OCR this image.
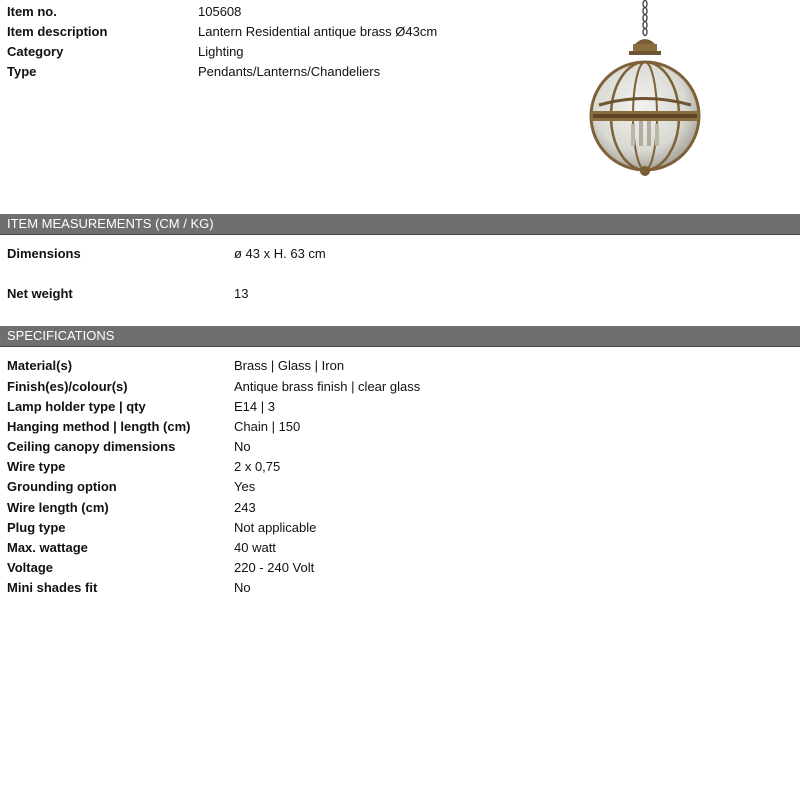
Item no.	105608
Item description	Lantern Residential antique brass Ø43cm
Category	Lighting
Type	Pendants/Lanterns/Chandeliers
ITEM MEASUREMENTS (CM / KG)
Dimensions	ø 43 x H. 63 cm
Net weight	13
SPECIFICATIONS
Material(s)	Brass | Glass | Iron
Finish(es)/colour(s)	Antique brass finish | clear glass
Lamp holder type | qty	E14 | 3
Hanging method | length (cm)	Chain | 150
Ceiling canopy dimensions	No
Wire type	2 x 0,75
Grounding option	Yes
Wire length (cm)	243
Plug type	Not applicable
Max. wattage	40 watt
Voltage	220 - 240 Volt
Mini shades fit	No
